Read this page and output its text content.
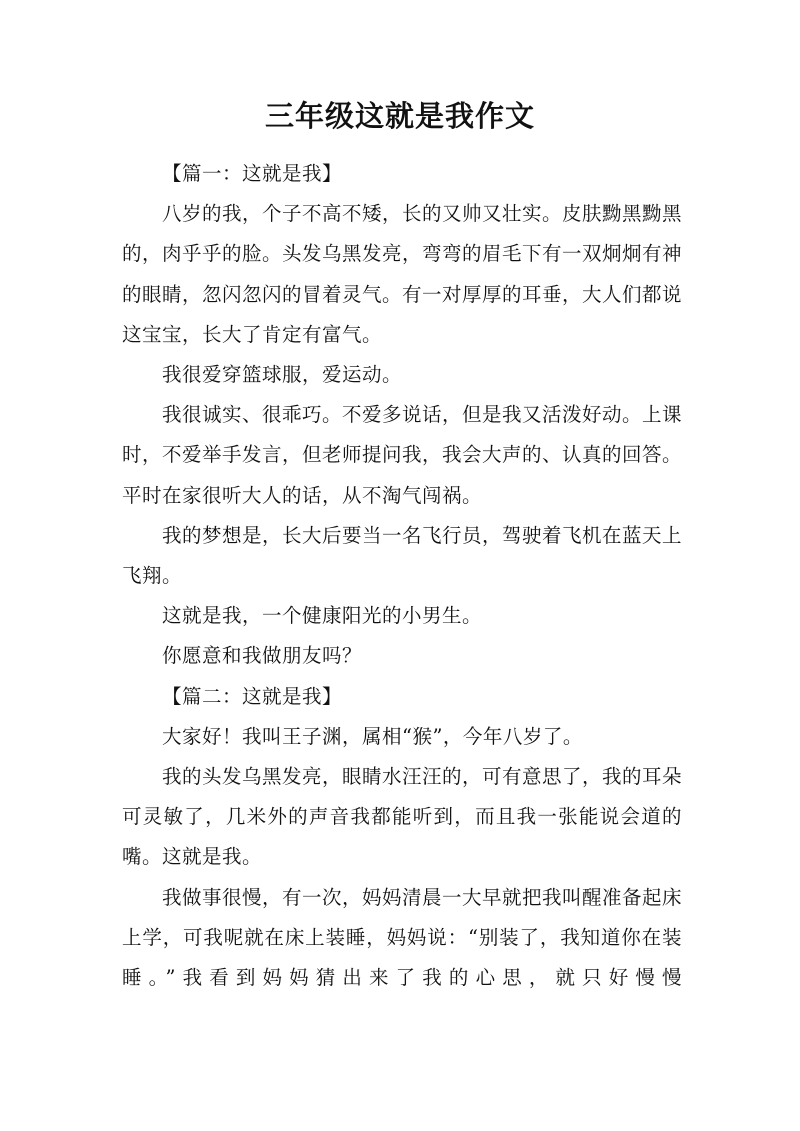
三年级这就是我作文

【篇一：这就是我】

八岁的我，个子不高不矮，长的又帅又壮实。皮肤黝黑黝黑的，肉乎乎的脸。头发乌黑发亮，弯弯的眉毛下有一双炯炯有神的眼睛，忽闪忽闪的冒着灵气。有一对厚厚的耳垂，大人们都说这宝宝，长大了肯定有富气。

我很爱穿篮球服，爱运动。

我很诚实、很乖巧。不爱多说话，但是我又活泼好动。上课时，不爱举手发言，但老师提问我，我会大声的、认真的回答。平时在家很听大人的话，从不淘气闯祸。

我的梦想是，长大后要当一名飞行员，驾驶着飞机在蓝天上飞翔。

这就是我，一个健康阳光的小男生。

你愿意和我做朋友吗？

【篇二：这就是我】

大家好！我叫王子渊，属相“猴”，今年八岁了。

我的头发乌黑发亮，眼睛水汪汪的，可有意思了，我的耳朵可灵敏了，几米外的声音我都能听到，而且我一张能说会道的嘴。这就是我。

我做事很慢，有一次，妈妈清晨一大早就把我叫醒准备起床上学，可我呢就在床上装睡，妈妈说：“别装了，我知道你在装睡。”我看到妈妈猜出来了我的心思，就只好慢慢
